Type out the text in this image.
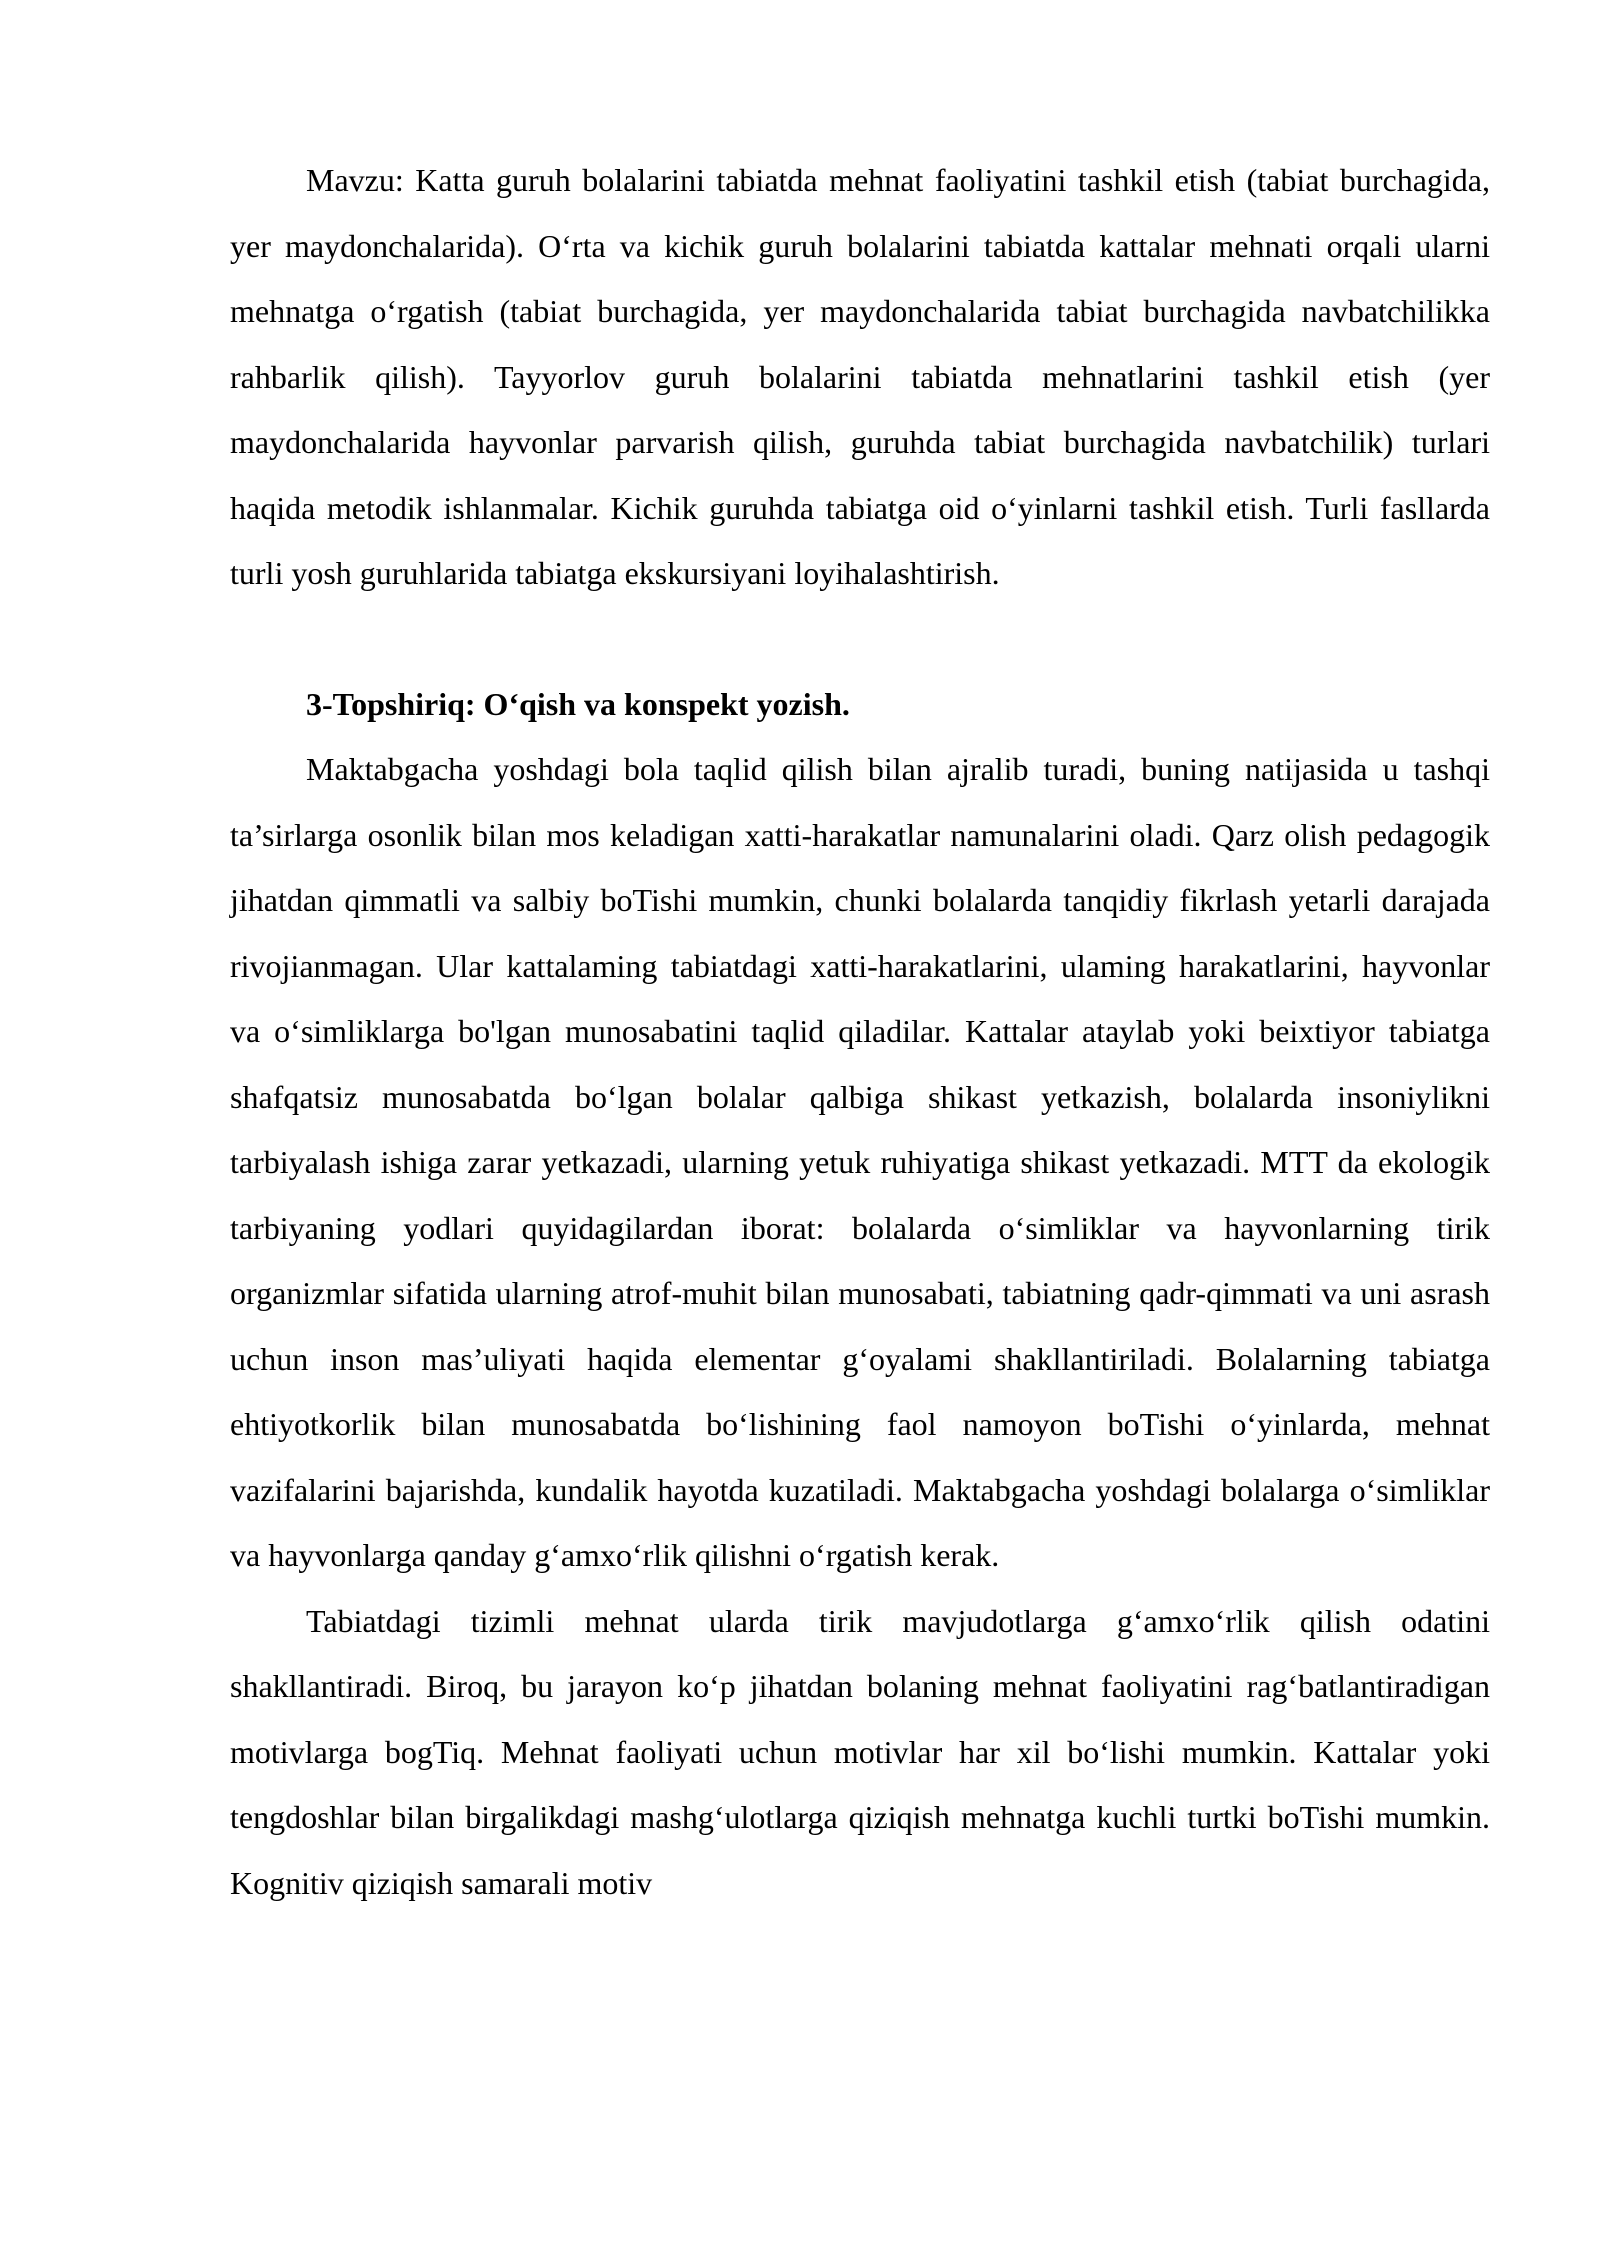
Mavzu: Katta guruh bolalarini tabiatda mehnat faoliyatini tashkil etish (tabiat burchagida, yer maydonchalarida). O‘rta va kichik guruh bolalarini tabiatda kattalar mehnati orqali ularni mehnatga o‘rgatish (tabiat burchagida, yer maydonchalarida tabiat burchagida navbatchilikka rahbarlik qilish). Tayyorlov guruh bolalarini tabiatda mehnatlarini tashkil etish (yer maydonchalarida hayvonlar parvarish qilish, guruhda tabiat burchagida navbatchilik) turlari haqida metodik ishlanmalar. Kichik guruhda tabiatga oid o‘yinlarni tashkil etish. Turli fasllarda turli yosh guruhlarida tabiatga ekskursiyani loyihalashtirish.

3-Topshiriq: O‘qish va konspekt yozish.

Maktabgacha yoshdagi bola taqlid qilish bilan ajralib turadi, buning natijasida u tashqi ta’sirlarga osonlik bilan mos keladigan xatti-harakatlar namunalarini oladi. Qarz olish pedagogik jihatdan qimmatli va salbiy boTishi mumkin, chunki bolalarda tanqidiy fikrlash yetarli darajada rivojianmagan. Ular kattalaming tabiatdagi xatti-harakatlarini, ulaming harakatlarini, hayvonlar va o‘simliklarga bo'lgan munosabatini taqlid qiladilar. Kattalar ataylab yoki beixtiyor tabiatga shafqatsiz munosabatda bo‘lgan bolalar qalbiga shikast yetkazish, bolalarda insoniylikni tarbiyalash ishiga zarar yetkazadi, ularning yetuk ruhiyatiga shikast yetkazadi. MTT da ekologik tarbiyaning yodlari quyidagilardan iborat: bolalarda o‘simliklar va hayvonlarning tirik organizmlar sifatida ularning atrof-muhit bilan munosabati, tabiatning qadr-qimmati va uni asrash uchun inson mas’uliyati haqida elementar g‘oyalami shakllantiriladi. Bolalarning tabiatga ehtiyotkorlik bilan munosabatda bo‘lishining faol namoyon boTishi o‘yinlarda, mehnat vazifalarini bajarishda, kundalik hayotda kuzatiladi. Maktabgacha yoshdagi bolalarga o‘simliklar va hayvonlarga qanday g‘amxo‘rlik qilishni o‘rgatish kerak.

Tabiatdagi tizimli mehnat ularda tirik mavjudotlarga g‘amxo‘rlik qilish odatini shakllantiradi. Biroq, bu jarayon ko‘p jihatdan bolaning mehnat faoliyatini rag‘batlantiradigan motivlarga bogTiq. Mehnat faoliyati uchun motivlar har xil bo‘lishi mumkin. Kattalar yoki tengdoshlar bilan birgalikdagi mashg‘ulotlarga qiziqish mehnatga kuchli turtki boTishi mumkin. Kognitiv qiziqish samarali motiv
